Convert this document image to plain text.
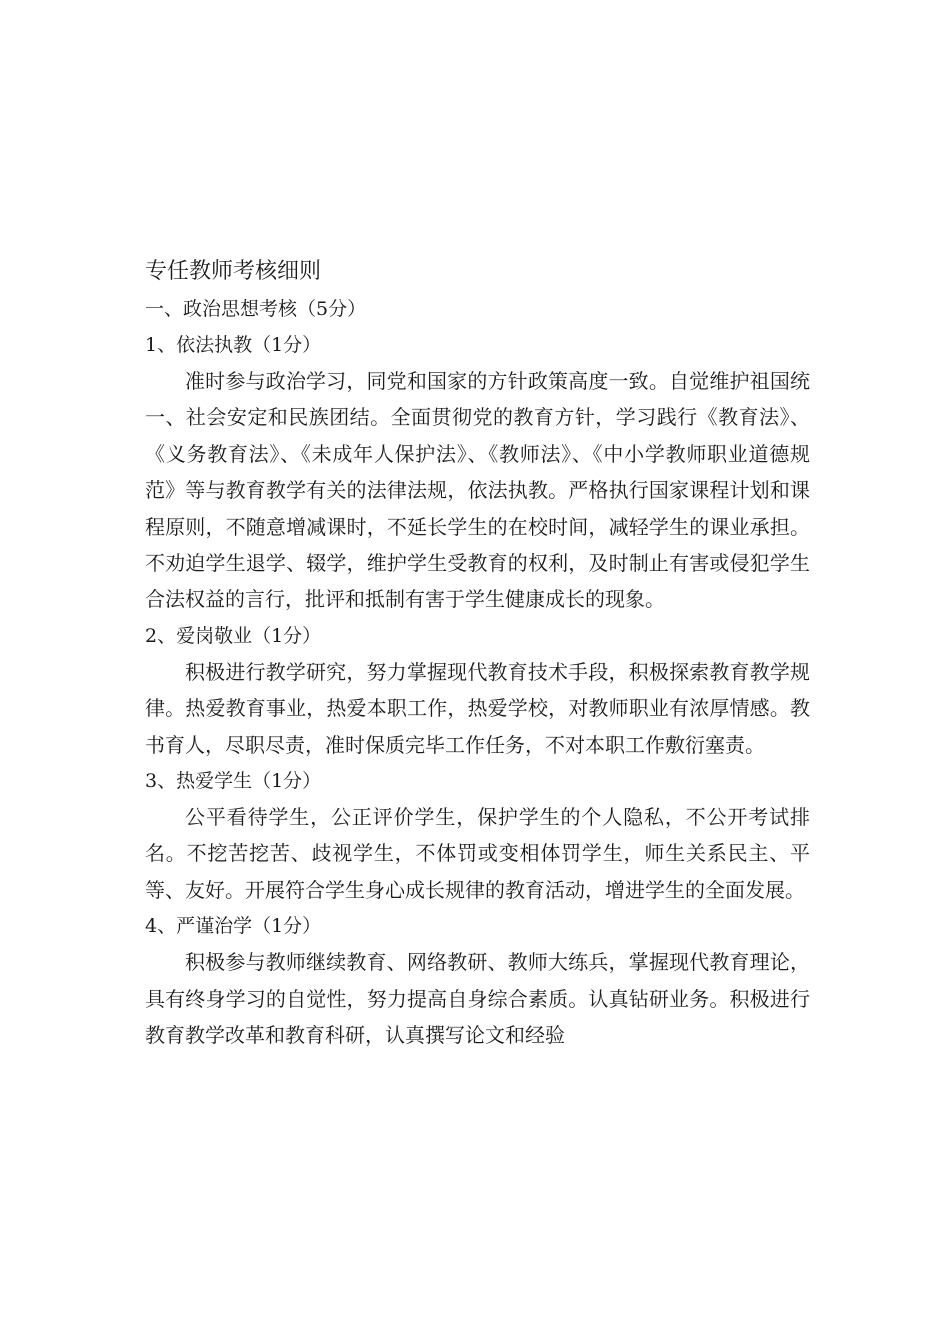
专任教师考核细则

一、政治思想考核（5分）

1、依法执教（1分）

准时参与政治学习，同党和国家的方针政策高度一致。自觉维护祖国统一、社会安定和民族团结。全面贯彻党的教育方针，学习践行《教育法》、《义务教育法》、《未成年人保护法》、《教师法》、《中小学教师职业道德规范》等与教育教学有关的法律法规，依法执教。严格执行国家课程计划和课程原则，不随意增减课时，不延长学生的在校时间，减轻学生的课业承担。不劝迫学生退学、辍学，维护学生受教育的权利，及时制止有害或侵犯学生合法权益的言行，批评和抵制有害于学生健康成长的现象。

2、爱岗敬业（1分）

积极进行教学研究，努力掌握现代教育技术手段，积极探索教育教学规律。热爱教育事业，热爱本职工作，热爱学校，对教师职业有浓厚情感。教书育人，尽职尽责，准时保质完毕工作任务，不对本职工作敷衍塞责。

3、热爱学生（1分）

公平看待学生，公正评价学生，保护学生的个人隐私，不公开考试排名。不挖苦挖苦、歧视学生，不体罚或变相体罚学生，师生关系民主、平等、友好。开展符合学生身心成长规律的教育活动，增进学生的全面发展。

4、严谨治学（1分）

积极参与教师继续教育、网络教研、教师大练兵，掌握现代教育理论，具有终身学习的自觉性，努力提高自身综合素质。认真钻研业务。积极进行教育教学改革和教育科研，认真撰写论文和经验
